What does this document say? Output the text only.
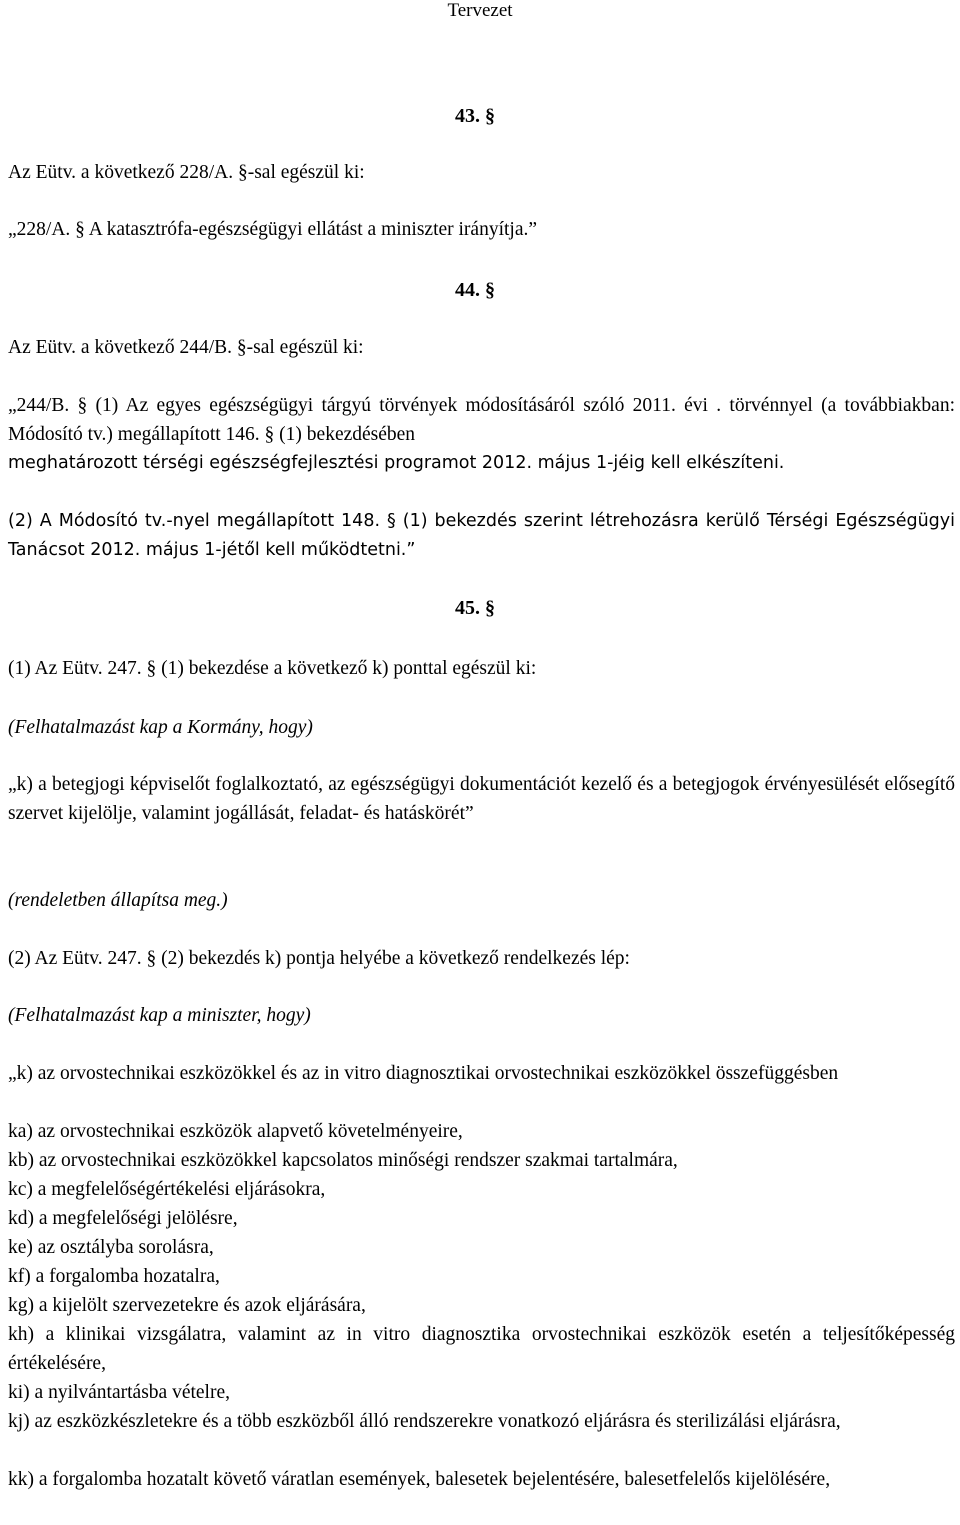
Tervezet
43. §

Az Eütv. a következő 228/A. §-sal egészül ki:

„228/A. § A katasztrófa-egészségügyi ellátást a miniszter irányítja.”

44. §

Az Eütv. a következő 244/B. §-sal egészül ki:

„244/B. § (1) Az egyes egészségügyi tárgyú törvények módosításáról szóló 2011. évi . törvénnyel (a továbbiakban: Módosító tv.) megállapított 146. § (1) bekezdésében

meghatározott térségi egészségfejlesztési programot 2012. május 1-jéig kell elkészíteni.

(2) A Módosító tv.-nyel megállapított 148. § (1) bekezdés szerint létrehozásra kerülő Térségi Egészségügyi Tanácsot 2012. május 1-jétől kell működtetni.”

45. §

(1) Az Eütv. 247. § (1) bekezdése a következő k) ponttal egészül ki:

(Felhatalmazást kap a Kormány, hogy)

„k) a betegjogi képviselőt foglalkoztató, az egészségügyi dokumentációt kezelő és a betegjogok érvényesülését elősegítő szervet kijelölje, valamint jogállását, feladat- és hatáskörét”

(rendeletben állapítsa meg.)

(2) Az Eütv. 247. § (2) bekezdés k) pontja helyébe a következő rendelkezés lép:

(Felhatalmazást kap a miniszter, hogy)

„k) az orvostechnikai eszközökkel és az in vitro diagnosztikai orvostechnikai eszközökkel összefüggésben

ka) az orvostechnikai eszközök alapvető követelményeire,

kb) az orvostechnikai eszközökkel kapcsolatos minőségi rendszer szakmai tartalmára,

kc) a megfelelőségértékelési eljárásokra,

kd) a megfelelőségi jelölésre,

ke) az osztályba sorolásra,

kf) a forgalomba hozatalra,

kg) a kijelölt szervezetekre és azok eljárására,

kh) a klinikai vizsgálatra, valamint az in vitro diagnosztika orvostechnikai eszközök esetén a teljesítőképesség értékelésére,

ki) a nyilvántartásba vételre,

kj) az eszközkészletekre és a több eszközből álló rendszerekre vonatkozó eljárásra és sterilizálási eljárásra,

kk) a forgalomba hozatalt követő váratlan események, balesetek bejelentésére, balesetfelelős kijelölésére,
